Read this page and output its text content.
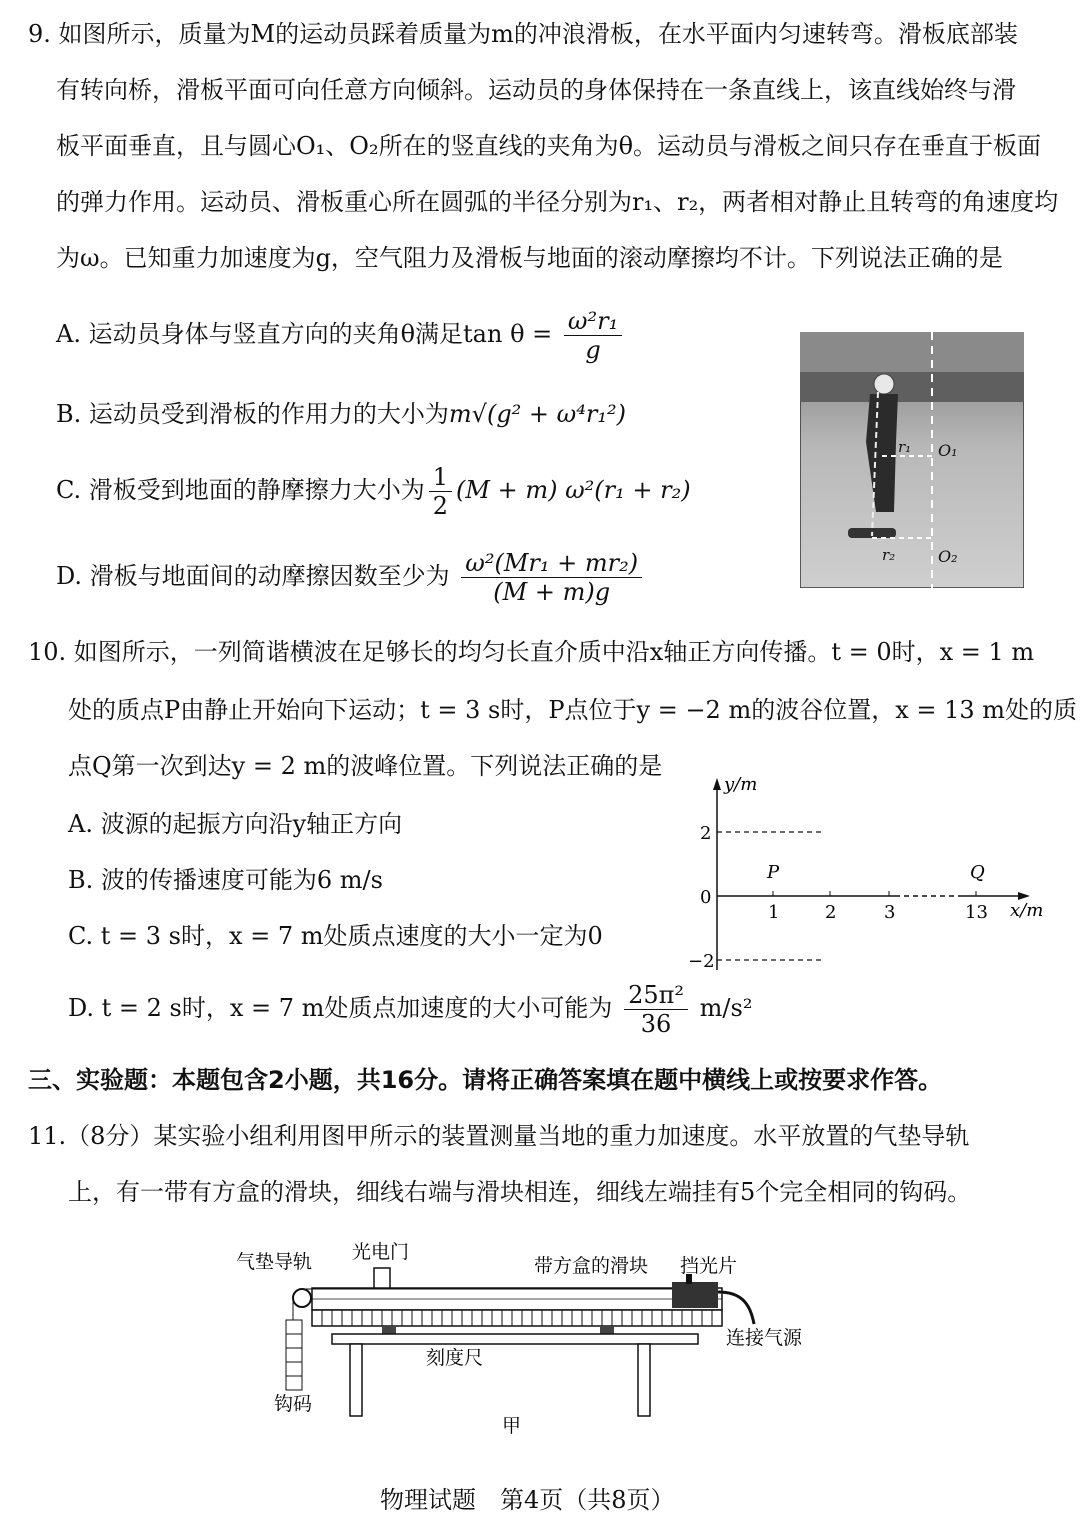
9. 如图所示，质量为M的运动员踩着质量为m的冲浪滑板，在水平面内匀速转弯。滑板底部装
有转向桥，滑板平面可向任意方向倾斜。运动员的身体保持在一条直线上，该直线始终与滑
板平面垂直，且与圆心O₁、O₂所在的竖直线的夹角为θ。运动员与滑板之间只存在垂直于板面
的弹力作用。运动员、滑板重心所在圆弧的半径分别为r₁、r₂，两者相对静止且转弯的角速度均
为ω。已知重力加速度为g，空气阻力及滑板与地面的滚动摩擦均不计。下列说法正确的是
A. 运动员身体与竖直方向的夹角θ满足$\tan \theta = \frac{\text{ω²r₁}}{g}$
B. 运动员受到滑板的作用力的大小为m√(g² + ω⁴r₁²)
C. 滑板受到地面的静摩擦力大小为 $\frac{1}{2} (M + m) \omega^2(r_1 + r_2)$
D. 滑板与地面间的动摩擦因数至少为 $\frac{\text{ω²(Mr₁ + mr₂)}}{(M + m)g}$
r₁ O₁
r₂	O₂
10. 如图所示，一列简谐横波在足够长的均匀长直介质中沿x轴正方向传播。t = 0时，x = 1 m
处的质点P由静止开始向下运动；t = 3 s时，P点位于y = −2 m的波谷位置，x = 13 m处的质
点Q第一次到达y = 2 m的波峰位置。下列说法正确的是
A. 波源的起振方向沿y轴正方向
B. 波的传播速度可能为6 m/s
C. t = 3 s时，x = 7 m处质点速度的大小一定为0
D. t = 2 s时，x = 7 m处质点加速度的大小可能为 $\frac{\text{25π²}}{36} m/s^2$
y/m
x/m
2
0
−2
1	2	3	13
P	Q
三、实验题：本题包含2小题，共16分。请将正确答案填在题中横线上或按要求作答。
11.（8分）某实验小组利用图甲所示的装置测量当地的重力加速度。水平放置的气垫导轨
上，有一带有方盒的滑块，细线右端与滑块相连，细线左端挂有5个完全相同的钩码。
气垫导轨 光电门
带方盒的滑块 挡光片
连接气源
刻度尺
钩码
甲
物理试题　第4页（共8页）
